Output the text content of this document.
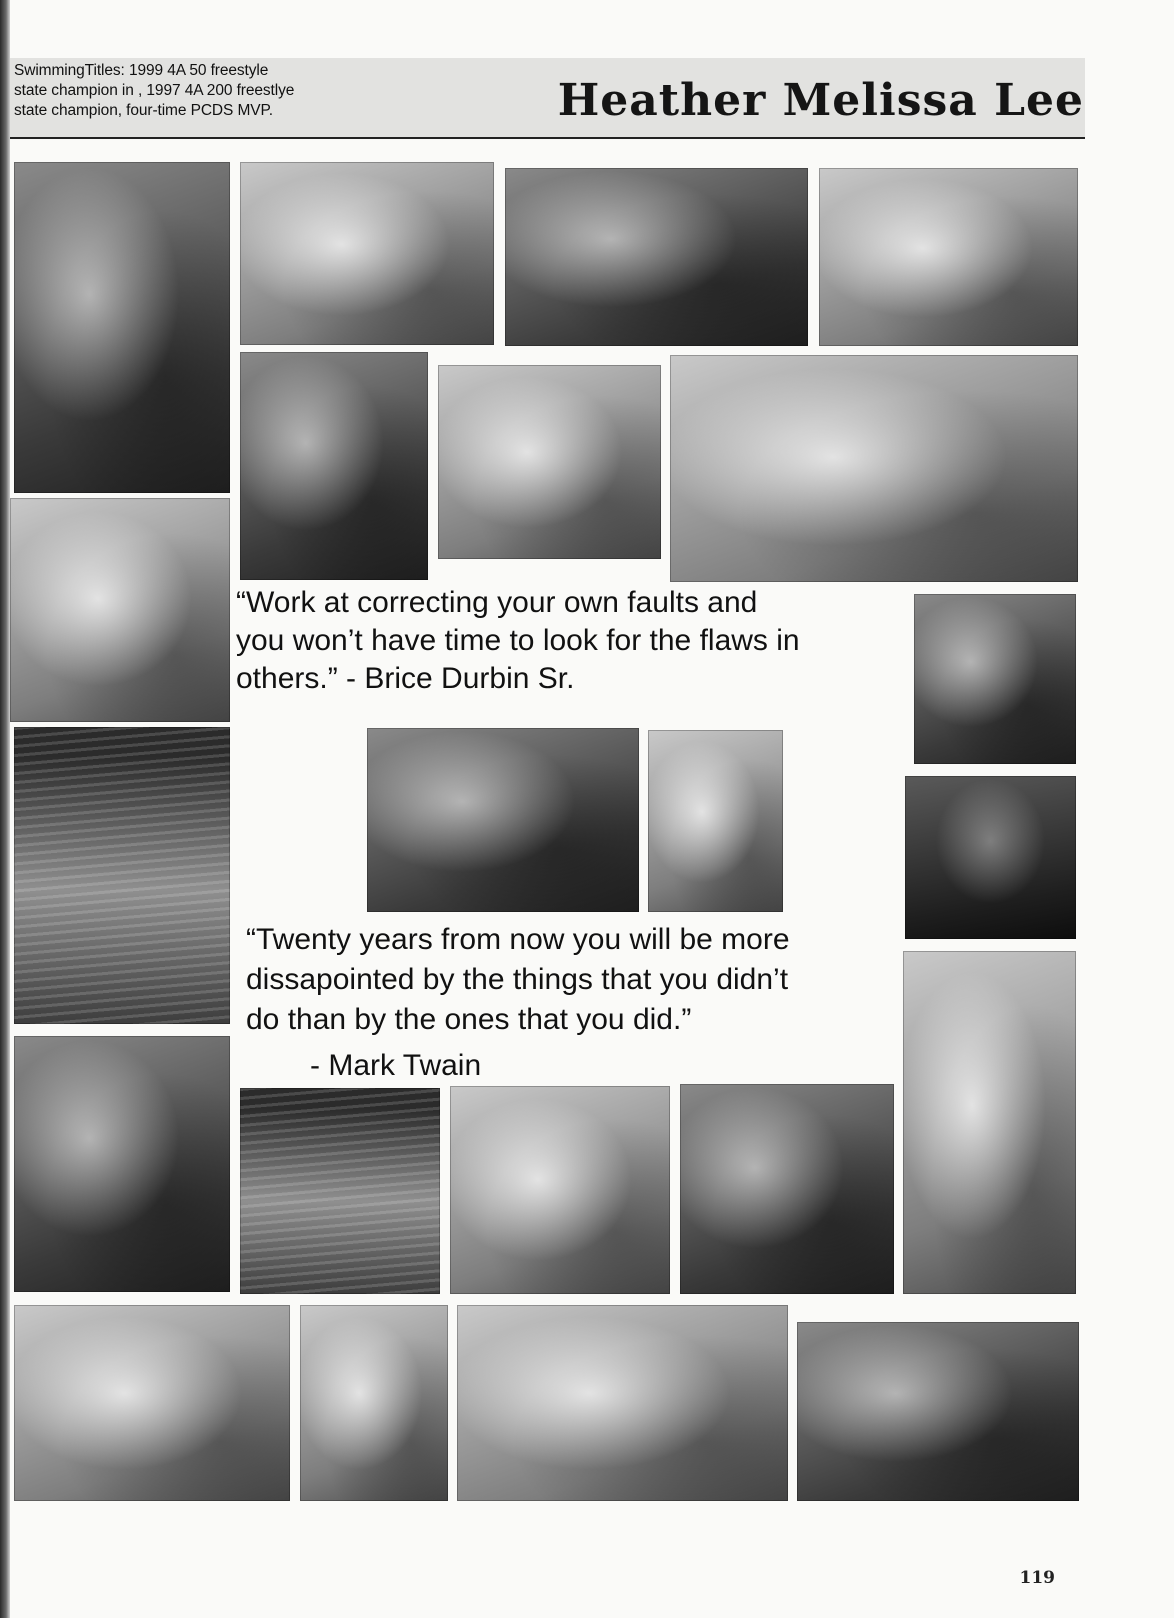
SwimmingTitles: 1999 4A 50 freestyle
state champion in , 1997 4A 200 freestlye
state champion, four-time PCDS MVP.	Heather Melissa Lee
“Work at correcting your own faults and
you won’t have time to look for the flaws in
others.” - Brice Durbin Sr.
“Twenty years from now you will be more
dissapointed by the things that you didn’t
do than by the ones that you did.”
- Mark Twain
119
